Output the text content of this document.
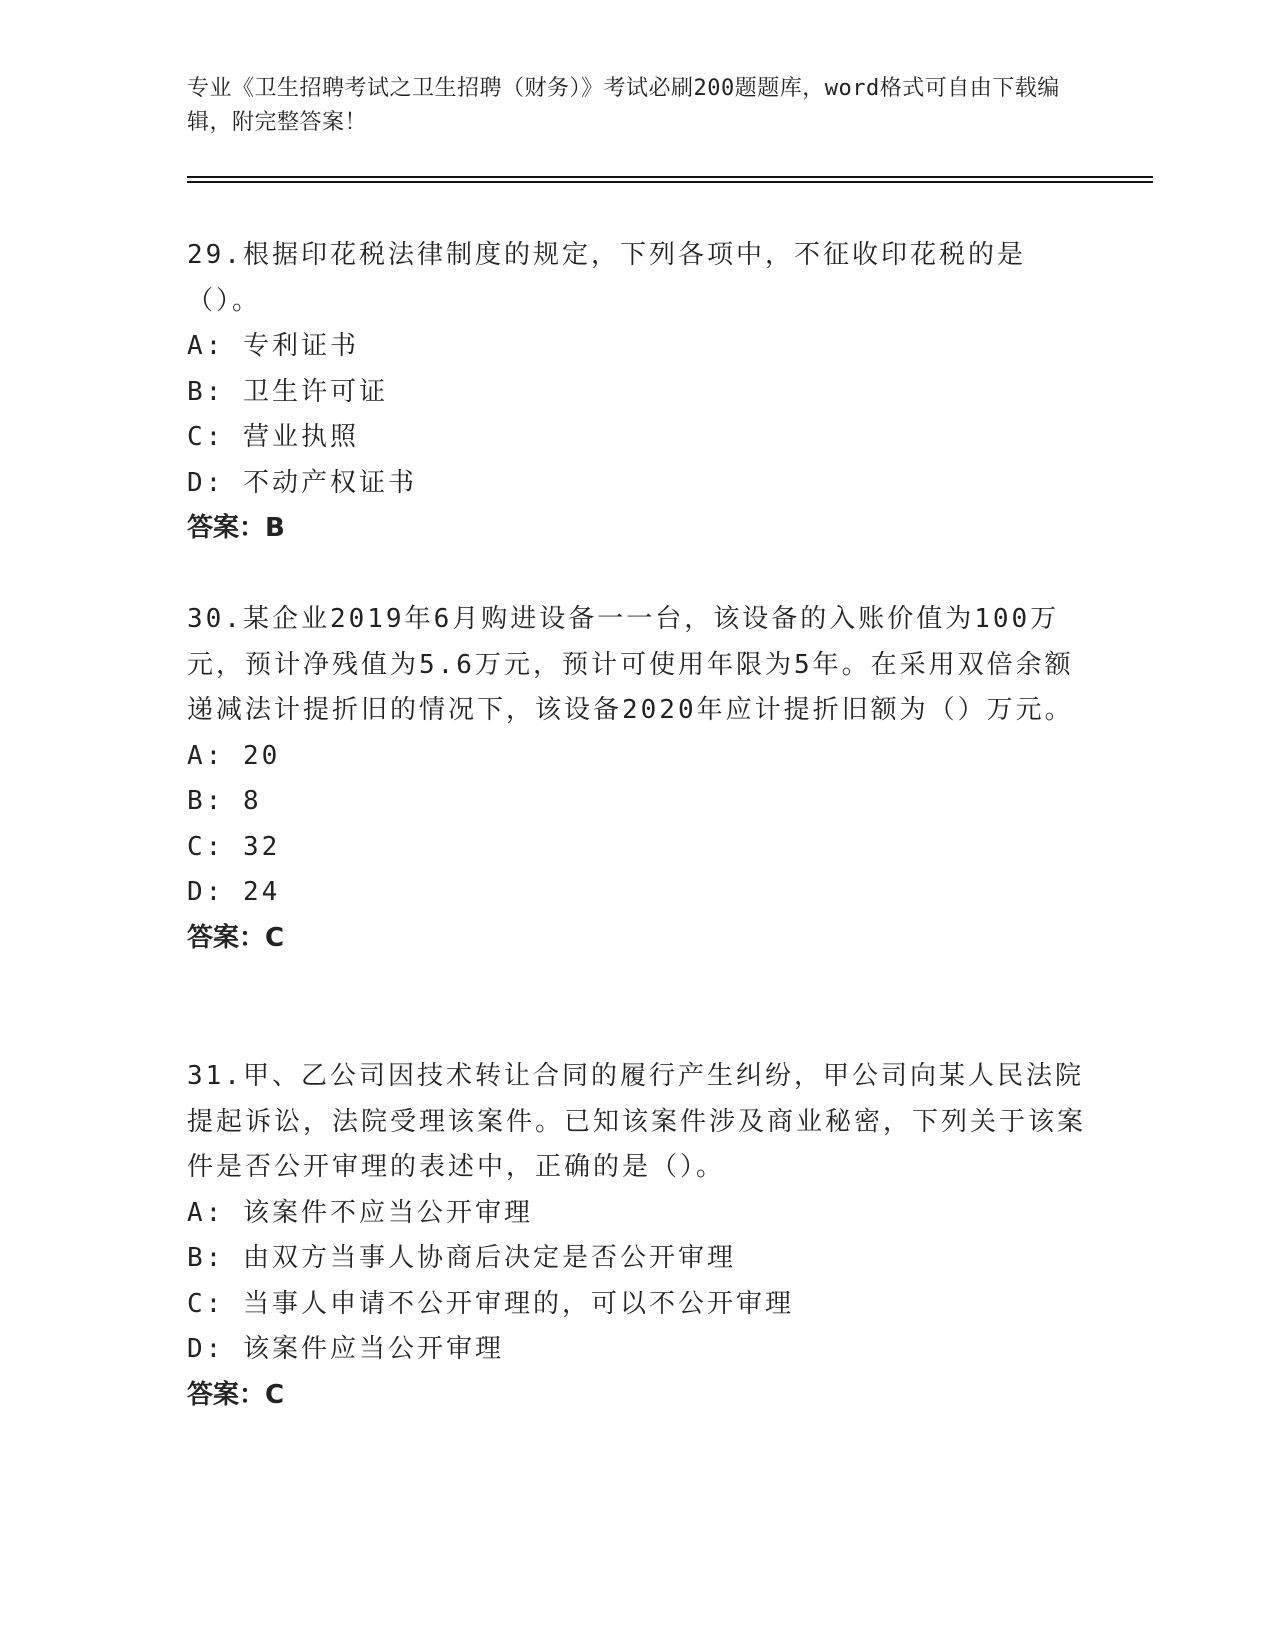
专业《卫生招聘考试之卫生招聘（财务）》考试必刷200题题库，word格式可自由下载编辑，附完整答案！

29.根据印花税法律制度的规定，下列各项中，不征收印花税的是（）。

A: 专利证书
B: 卫生许可证
C: 营业执照
D: 不动产权证书

答案：B

30.某企业2019年6月购进设备一一台，该设备的入账价值为100万元，预计净残值为5.6万元，预计可使用年限为5年。在采用双倍余额递减法计提折旧的情况下，该设备2020年应计提折旧额为（）万元。

A: 20
B: 8
C: 32
D: 24

答案：C

31.甲、乙公司因技术转让合同的履行产生纠纷，甲公司向某人民法院提起诉讼，法院受理该案件。已知该案件涉及商业秘密，下列关于该案件是否公开审理的表述中，正确的是（）。

A: 该案件不应当公开审理
B: 由双方当事人协商后决定是否公开审理
C: 当事人申请不公开审理的，可以不公开审理
D: 该案件应当公开审理

答案：C
